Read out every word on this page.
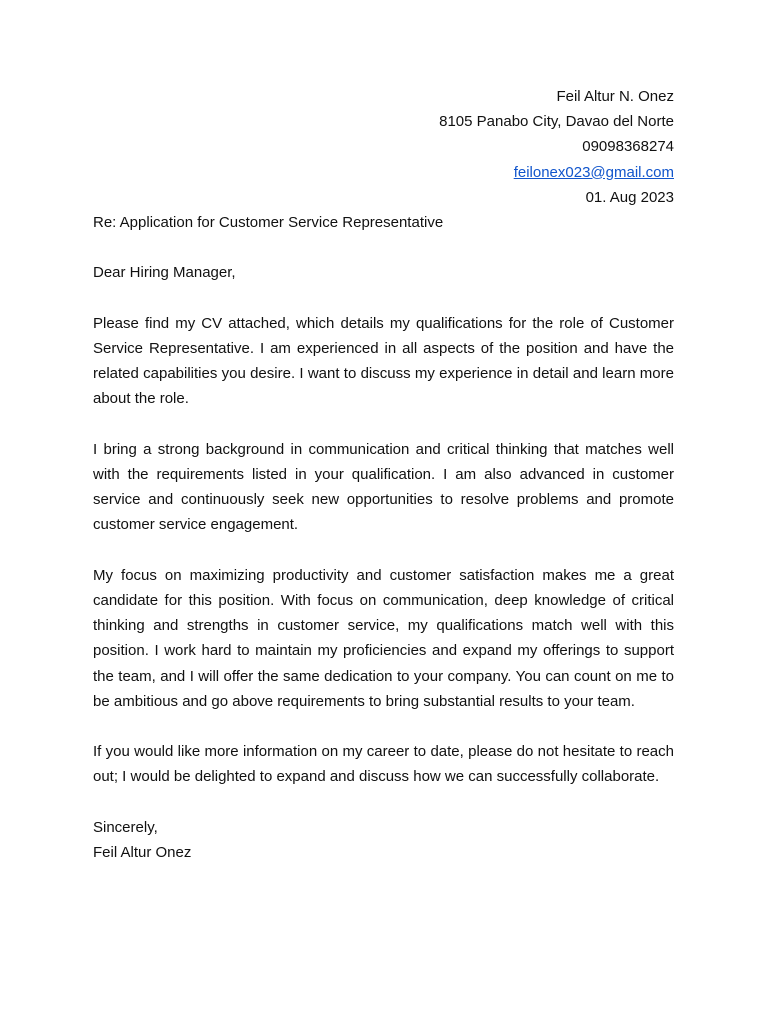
Feil Altur N. Onez
8105 Panabo City, Davao del Norte
09098368274
feilonex023@gmail.com
01. Aug 2023
Re: Application for Customer Service Representative
Dear Hiring Manager,

Please find my CV attached, which details my qualifications for the role of Customer Service Representative. I am experienced in all aspects of the position and have the related capabilities you desire. I want to discuss my experience in detail and learn more about the role.

I bring a strong background in communication and critical thinking that matches well with the requirements listed in your qualification. I am also advanced in customer service and continuously seek new opportunities to resolve problems and promote customer service engagement.

My focus on maximizing productivity and customer satisfaction makes me a great candidate for this position. With focus on communication, deep knowledge of critical thinking and strengths in customer service, my qualifications match well with this position. I work hard to maintain my proficiencies and expand my offerings to support the team, and I will offer the same dedication to your company. You can count on me to be ambitious and go above requirements to bring substantial results to your team.

If you would like more information on my career to date, please do not hesitate to reach out; I would be delighted to expand and discuss how we can successfully collaborate.

Sincerely,
Feil Altur Onez
